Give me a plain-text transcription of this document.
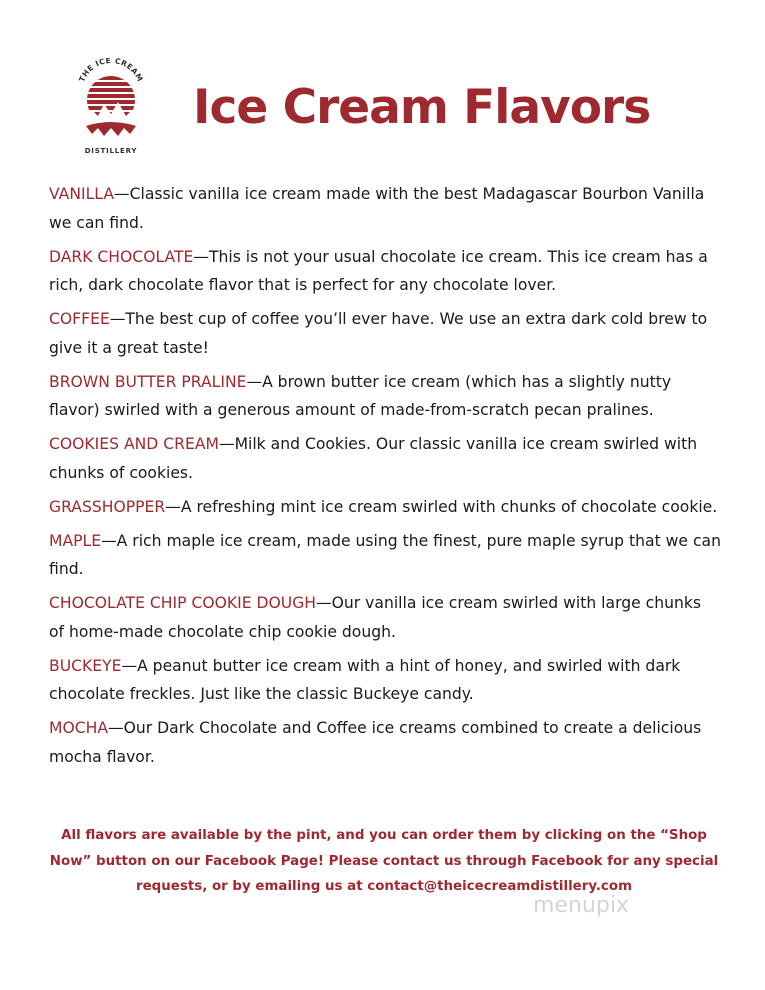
THE ICE CREAM
DISTILLERY
Ice Cream Flavors

VANILLA—Classic vanilla ice cream made with the best Madagascar Bourbon Vanilla we can find.

DARK CHOCOLATE—This is not your usual chocolate ice cream. This ice cream has a rich, dark chocolate flavor that is perfect for any chocolate lover.

COFFEE—The best cup of coffee you’ll ever have. We use an extra dark cold brew to give it a great taste!

BROWN BUTTER PRALINE—A brown butter ice cream (which has a slightly nutty flavor) swirled with a generous amount of made-from-scratch pecan pralines.

COOKIES AND CREAM—Milk and Cookies. Our classic vanilla ice cream swirled with chunks of cookies.

GRASSHOPPER—A refreshing mint ice cream swirled with chunks of chocolate cookie.

MAPLE—A rich maple ice cream, made using the finest, pure maple syrup that we can find.

CHOCOLATE CHIP COOKIE DOUGH—Our vanilla ice cream swirled with large chunks of home-made chocolate chip cookie dough.

BUCKEYE—A peanut butter ice cream with a hint of honey, and swirled with dark chocolate freckles. Just like the classic Buckeye candy.

MOCHA—Our Dark Chocolate and Coffee ice creams combined to create a delicious mocha flavor.

All flavors are available by the pint, and you can order them by clicking on the “Shop Now” button on our Facebook Page! Please contact us through Facebook for any special requests, or by emailing us at contact@theicecreamdistillery.com

menupix
